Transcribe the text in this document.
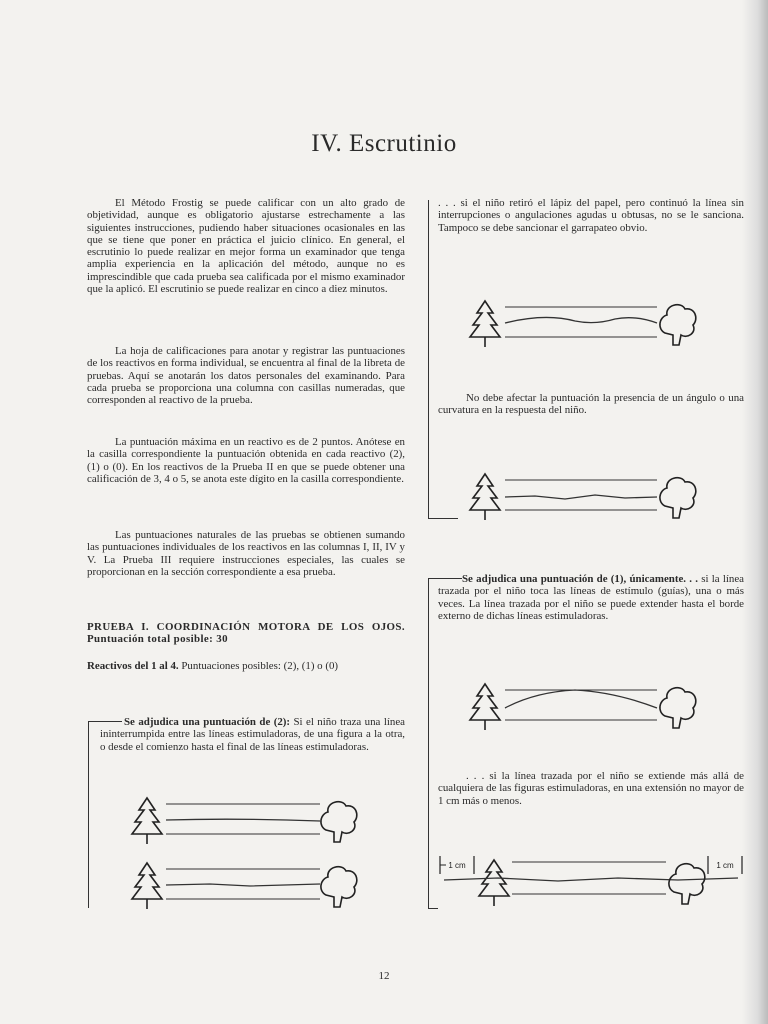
IV. Escrutinio

El Método Frostig se puede calificar con un alto grado de objetividad, aunque es obligatorio ajustarse estrechamente a las siguientes instrucciones, pudiendo haber situaciones ocasionales en las que se tiene que poner en práctica el juicio clínico. En general, el escrutinio lo puede realizar en mejor forma un examinador que tenga amplia experiencia en la aplicación del método, aunque no es imprescindible que cada prueba sea calificada por el mismo examinador que la aplicó. El escrutinio se puede realizar en cinco a diez minutos.

La hoja de calificaciones para anotar y registrar las puntuaciones de los reactivos en forma individual, se encuentra al final de la libreta de pruebas. Aquí se anotarán los datos personales del examinando. Para cada prueba se proporciona una columna con casillas numeradas, que corresponden al reactivo de la prueba.

La puntuación máxima en un reactivo es de 2 puntos. Anótese en la casilla correspondiente la puntuación obtenida en cada reactivo (2), (1) o (0). En los reactivos de la Prueba II en que se puede obtener una calificación de 3, 4 o 5, se anota este dígito en la casilla correspondiente.

Las puntuaciones naturales de las pruebas se obtienen sumando las puntuaciones individuales de los reactivos en las columnas I, II, IV y V. La Prueba III requiere instrucciones especiales, las cuales se proporcionan en la sección correspondiente a esa prueba.

PRUEBA I. COORDINACIÓN MOTORA DE LOS OJOS. Puntuación total posible: 30

Reactivos del 1 al 4. Puntuaciones posibles: (2), (1) o (0)

Se adjudica una puntuación de (2): Si el niño traza una línea ininterrumpida entre las líneas estimuladoras, de una figura a la otra, o desde el comienzo hasta el final de las líneas estimuladoras.

. . . si el niño retiró el lápiz del papel, pero continuó la línea sin interrupciones o angulaciones agudas u obtusas, no se le sanciona. Tampoco se debe sancionar el garrapateo obvio.

No debe afectar la puntuación la presencia de un ángulo o una curvatura en la respuesta del niño.

Se adjudica una puntuación de (1), únicamente. . . si la línea trazada por el niño toca las líneas de estímulo (guías), una o más veces. La línea trazada por el niño se puede extender hasta el borde externo de dichas líneas estimuladoras.

. . . si la línea trazada por el niño se extiende más allá de cualquiera de las figuras estimuladoras, en una extensión no mayor de 1 cm más o menos.

1 cm	1 cm
12
